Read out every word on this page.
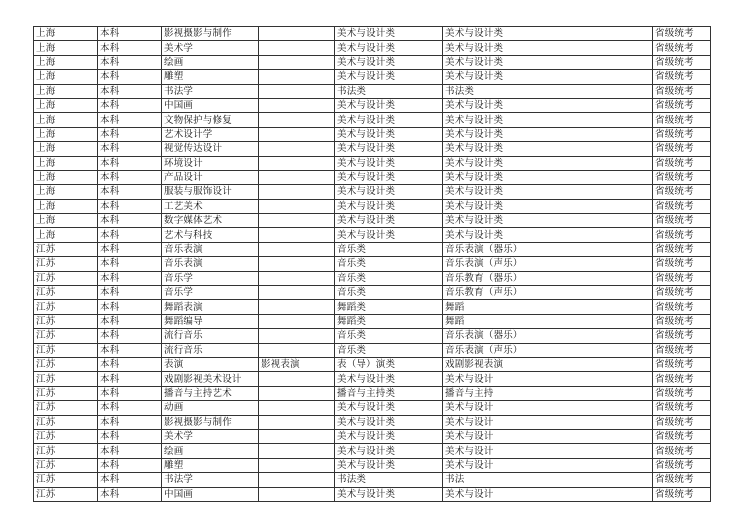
上海	本科	影视摄影与制作		美术与设计类	美术与设计类	省级统考
上海	本科	美术学		美术与设计类	美术与设计类	省级统考
上海	本科	绘画		美术与设计类	美术与设计类	省级统考
上海	本科	雕塑		美术与设计类	美术与设计类	省级统考
上海	本科	书法学		书法类	书法类	省级统考
上海	本科	中国画		美术与设计类	美术与设计类	省级统考
上海	本科	文物保护与修复		美术与设计类	美术与设计类	省级统考
上海	本科	艺术设计学		美术与设计类	美术与设计类	省级统考
上海	本科	视觉传达设计		美术与设计类	美术与设计类	省级统考
上海	本科	环境设计		美术与设计类	美术与设计类	省级统考
上海	本科	产品设计		美术与设计类	美术与设计类	省级统考
上海	本科	服装与服饰设计		美术与设计类	美术与设计类	省级统考
上海	本科	工艺美术		美术与设计类	美术与设计类	省级统考
上海	本科	数字媒体艺术		美术与设计类	美术与设计类	省级统考
上海	本科	艺术与科技		美术与设计类	美术与设计类	省级统考
江苏	本科	音乐表演		音乐类	音乐表演（器乐）	省级统考
江苏	本科	音乐表演		音乐类	音乐表演（声乐）	省级统考
江苏	本科	音乐学		音乐类	音乐教育（器乐）	省级统考
江苏	本科	音乐学		音乐类	音乐教育（声乐）	省级统考
江苏	本科	舞蹈表演		舞蹈类	舞蹈	省级统考
江苏	本科	舞蹈编导		舞蹈类	舞蹈	省级统考
江苏	本科	流行音乐		音乐类	音乐表演（器乐）	省级统考
江苏	本科	流行音乐		音乐类	音乐表演（声乐）	省级统考
江苏	本科	表演	影视表演	表（导）演类	戏剧影视表演	省级统考
江苏	本科	戏剧影视美术设计		美术与设计类	美术与设计	省级统考
江苏	本科	播音与主持艺术		播音与主持类	播音与主持	省级统考
江苏	本科	动画		美术与设计类	美术与设计	省级统考
江苏	本科	影视摄影与制作		美术与设计类	美术与设计	省级统考
江苏	本科	美术学		美术与设计类	美术与设计	省级统考
江苏	本科	绘画		美术与设计类	美术与设计	省级统考
江苏	本科	雕塑		美术与设计类	美术与设计	省级统考
江苏	本科	书法学		书法类	书法	省级统考
江苏	本科	中国画		美术与设计类	美术与设计	省级统考
